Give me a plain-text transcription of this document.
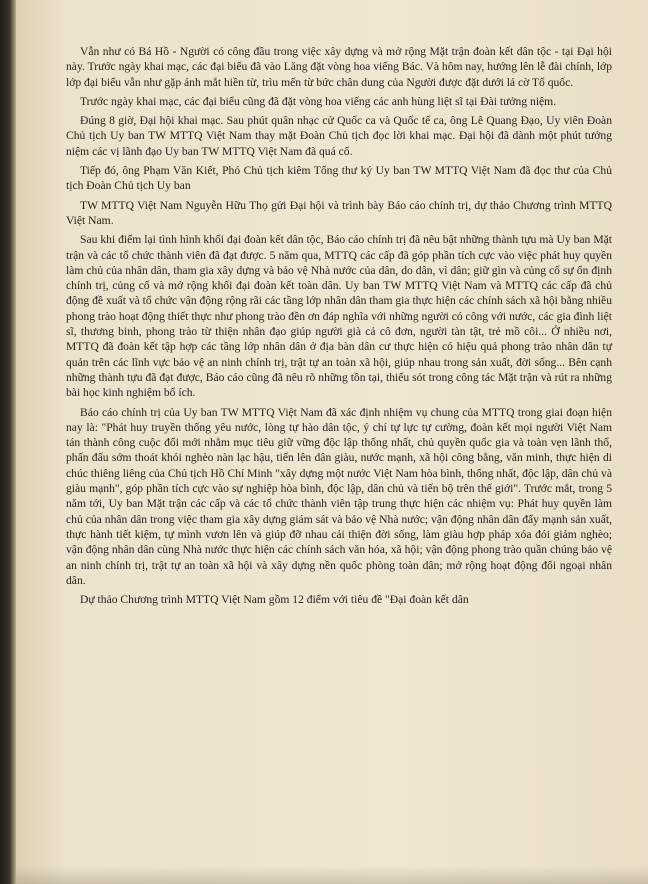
Vẫn như có Bá Hồ - Người có công đầu trong việc xây dựng và mở rộng Mặt trận đoàn kết dân tộc - tại Đại hội này. Trước ngày khai mạc, các đại biểu đã vào Lăng đặt vòng hoa viếng Bác. Và hôm nay, hướng lên lễ đài chính, lớp lớp đại biểu vẫn như gặp ánh mắt hiền từ, trìu mến từ bức chân dung của Người được đặt dưới lá cờ Tổ quốc.

Trước ngày khai mạc, các đại biểu cũng đã đặt vòng hoa viếng các anh hùng liệt sĩ tại Đài tưởng niệm.

Đúng 8 giờ, Đại hội khai mạc. Sau phút quân nhạc cử Quốc ca và Quốc tế ca, ông Lê Quang Đạo, Uy viên Đoàn Chủ tịch Uy ban TW MTTQ Việt Nam thay mặt Đoàn Chủ tịch đọc lời khai mạc. Đại hội đã dành một phút tưởng niệm các vị lãnh đạo Uy ban TW MTTQ Việt Nam đã quá cố.

Tiếp đó, ông Phạm Văn Kiết, Phó Chủ tịch kiêm Tổng thư ký Uy ban TW MTTQ Việt Nam đã đọc thư của Chủ tịch Đoàn Chủ tịch Uy ban

TW MTTQ Việt Nam Nguyễn Hữu Thọ gửi Đại hội và trình bày Báo cáo chính trị, dự thảo Chương trình MTTQ Việt Nam.

Sau khi điểm lại tình hình khối đại đoàn kết dân tộc, Báo cáo chính trị đã nêu bật những thành tựu mà Uy ban Mặt trận và các tổ chức thành viên đã đạt được. 5 năm qua, MTTQ các cấp đã góp phần tích cực vào việc phát huy quyền làm chủ của nhân dân, tham gia xây dựng và bảo vệ Nhà nước của dân, do dân, vì dân; giữ gìn và củng cố sự ổn định chính trị, củng cố và mở rộng khối đại đoàn kết toàn dân. Uy ban TW MTTQ Việt Nam và MTTQ các cấp đã chủ động đề xuất và tổ chức vận động rộng rãi các tầng lớp nhân dân tham gia thực hiện các chính sách xã hội bằng nhiều phong trào hoạt động thiết thực như phong trào đền ơn đáp nghĩa với những người có công với nước, các gia đình liệt sĩ, thương binh, phong trào từ thiện nhân đạo giúp người già cả cô đơn, người tàn tật, trẻ mồ côi... Ở nhiều nơi, MTTQ đã đoàn kết tập hợp các tầng lớp nhân dân ở địa bàn dân cư thực hiện có hiệu quả phong trào nhân dân tự quản trên các lĩnh vực bảo vệ an ninh chính trị, trật tự an toàn xã hội, giúp nhau trong sản xuất, đời sống... Bên cạnh những thành tựu đã đạt được, Báo cáo cũng đã nêu rõ những tồn tại, thiếu sót trong công tác Mặt trận và rút ra những bài học kinh nghiệm bổ ích.

Báo cáo chính trị của Uy ban TW MTTQ Việt Nam đã xác định nhiệm vụ chung của MTTQ trong giai đoạn hiện nay là: "Phát huy truyền thống yêu nước, lòng tự hào dân tộc, ý chí tự lực tự cường, đoàn kết mọi người Việt Nam tán thành công cuộc đổi mới nhằm mục tiêu giữ vững độc lập thống nhất, chủ quyền quốc gia và toàn vẹn lãnh thổ, phấn đấu sớm thoát khỏi nghèo nàn lạc hậu, tiến lên dân giàu, nước mạnh, xã hội công bằng, văn minh, thực hiện di chúc thiêng liêng của Chủ tịch Hồ Chí Minh "xây dựng một nước Việt Nam hòa bình, thống nhất, độc lập, dân chủ và giàu mạnh", góp phần tích cực vào sự nghiệp hòa bình, độc lập, dân chủ và tiến bộ trên thế giới". Trước mắt, trong 5 năm tới, Uy ban Mặt trận các cấp và các tổ chức thành viên tập trung thực hiện các nhiệm vụ: Phát huy quyền làm chủ của nhân dân trong việc tham gia xây dựng giám sát và bảo vệ Nhà nước; vận động nhân dân đẩy mạnh sản xuất, thực hành tiết kiệm, tự mình vươn lên và giúp đỡ nhau cải thiện đời sống, làm giàu hợp pháp xóa đói giảm nghèo; vận động nhân dân cùng Nhà nước thực hiện các chính sách văn hóa, xã hội; vận động phong trào quần chúng bảo vệ an ninh chính trị, trật tự an toàn xã hội và xây dựng nền quốc phòng toàn dân; mở rộng hoạt động đối ngoại nhân dân.

Dự thảo Chương trình MTTQ Việt Nam gồm 12 điểm với tiêu đề "Đại đoàn kết dân
